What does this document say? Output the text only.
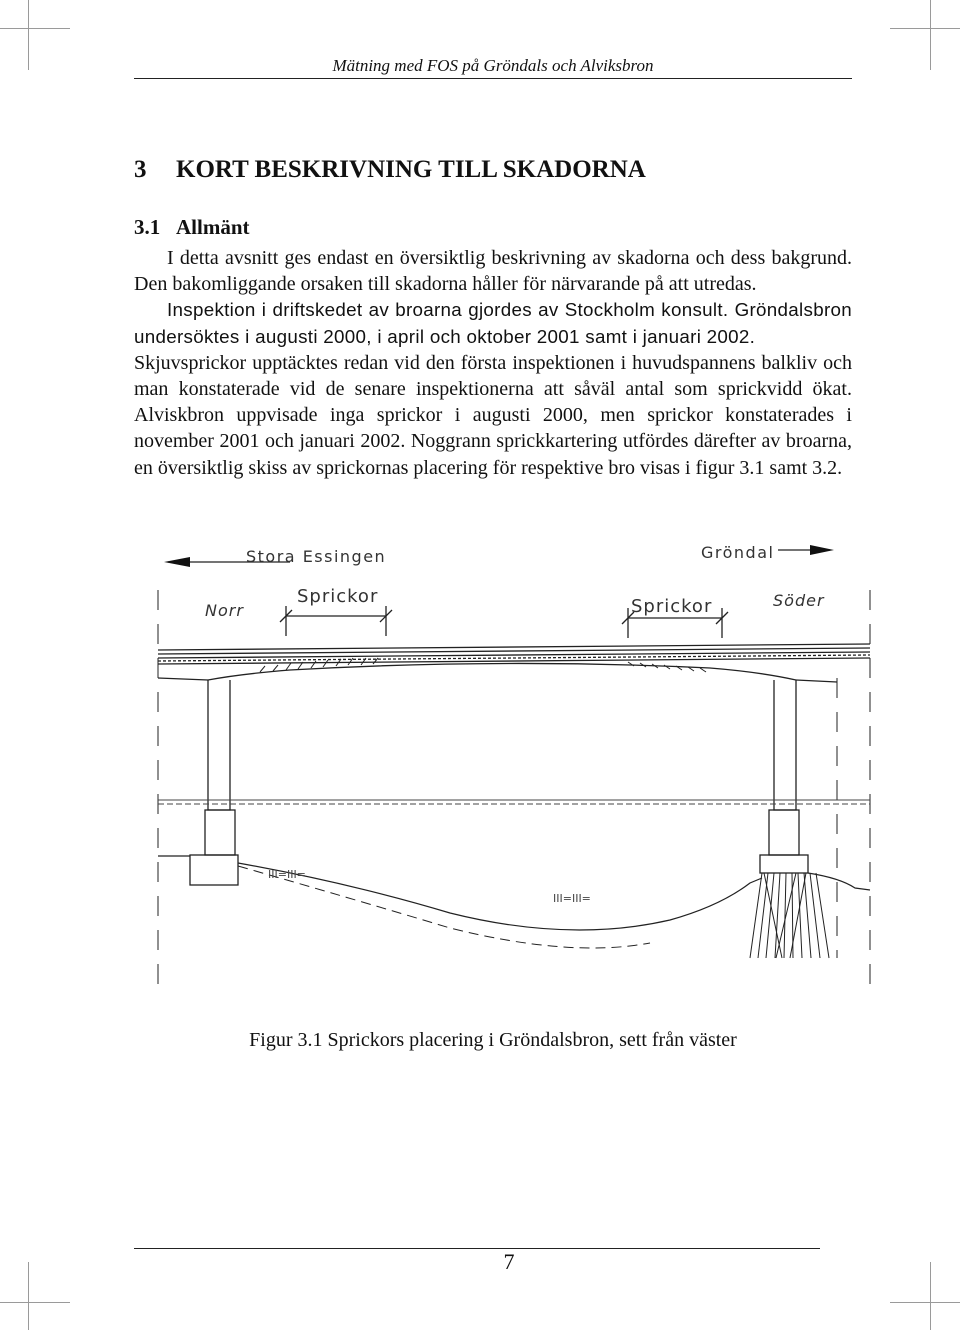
Mätning med FOS på Gröndals och Alviksbron
3 KORT BESKRIVNING TILL SKADORNA
3.1 Allmänt

I detta avsnitt ges endast en översiktlig beskrivning av skadorna och dess bakgrund. Den bakomliggande orsaken till skadorna håller för närvarande på att utredas.

Inspektion i driftskedet av broarna gjordes av Stockholm konsult. Gröndalsbron undersöktes i augusti 2000, i april och oktober 2001 samt i januari 2002.

Skjuvsprickor upptäcktes redan vid den första inspektionen i huvudspannens balkliv och man konstaterade vid de senare inspektionerna att såväl antal som sprickvidd ökat. Alviskbron uppvisade inga sprickor i augusti 2000, men sprickor konstaterades i november 2001 och januari 2002. Noggrann sprickkartering utfördes därefter av broarna, en översiktlig skiss av sprickornas placering för respektive bro visas i figur 3.1 samt 3.2.

Stora Essingen	Gröndal
Norr
Sprickor	Sprickor	Söder
III=III=
III=III=
Figur 3.1 Sprickors placering i Gröndalsbron, sett från väster
7
